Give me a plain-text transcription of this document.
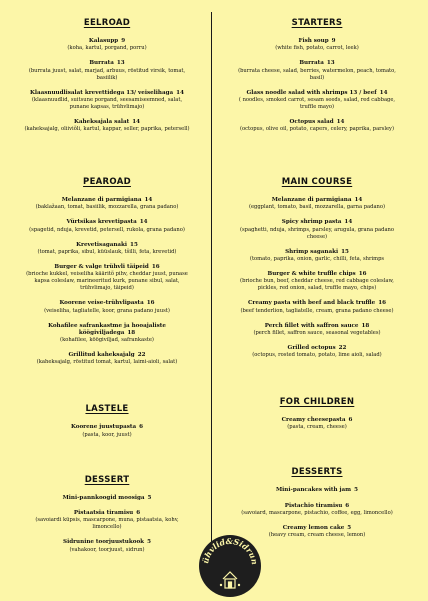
EELROAD
Kalasupp 9
(koha, kartul, porgand, porru)
Burrata 13
(burrata juust, salat, marjad, arbuus, röstitud virsik, tomat, basiilik)
Klaasnuudlisalat krevettidega 13/ veiselihaga 14
(klaasnuudlid, suitsune porgand, seesamiseemned, salat, punane kapsas, trühvlimajo)
Kaheksajala salat 14
(kaheksajalg, oliiviõli, kartul, kappar, seller, paprika, petersell)
PEAROAD
Melanzane di parmigiana 14
(baklažaan, tomat, basiilik, mozzarella, grana padano)
Vürtsikas krevetipasta 14
(spagetid, nduja, krevetid, petersell, rukola, grana padano)
Krevetisaganaki 15
(tomat, paprika, sibul, küüslauk, tšilli, feta, krevetid)
Burger & valge trühvli täipeid 16
(brioche kukkel, veiseliha kääritõ pihv, cheddar juust, punase kapsa coleslaw, marineeritud kurk, punane sibul, salat, trühvlimajo, täipeid)
Koorene veise-trühvlipasta 16
(veiseliha, tagliatelle, koor, grana padano juust)
Kohafilee safrankastme ja hooajaliste köögiviljadega 18
(kohafilee, köögiviljad, safrankaste)
Grillitud kaheksajalg 22
(kaheksajalg, röstitud tomat, kartul, laimi-aioli, salat)
LASTELE
Koorene juustupasta 6
(pasta, koor, juust)
DESSERT
Mini-pannkoogid moosiga 5
Pistaatsia tiramisu 6
(savoiardi küpsis, mascarpone, muna, pistaatsia, kohv, limoncello)
Sidrunine toorjuustukook 5
(vahakoor, toorjuust, sidrun)
STARTERS
Fish soup 9
(white fish, potato, carrot, leek)
Burrata 13
(burrata cheese, salad, berries, watermelon, peach, tomato, basil)
Glass noodle salad with shrimps 13 / beef 14
( noodles, smoked carrot, sesam seeds, salad, red cabbage, truffle mayo)
Octopus salad 14
(octopus, olive oil, potato, capers, celery, paprika, parsley)
MAIN COURSE
Melanzane di parmigiana 14
(eggplant, tomato, basil, mozzarella, garna padano)
Spicy shrimp pasta 14
(spaghetti, nduja, shrimps, parsley, arugula, grana padano cheese)
Shrimp saganaki 15
(tomato, paprika, onion, garlic, chilli, feta, shrimps
Burger & white truffle chips 16
(brioche bun, beef, cheddar cheese, red cabbage coleslaw, pickles, red onion, salad, truffle mayo, chips)
Creamy pasta with beef and black truffle 16
(beef tenderlion, tagliatelle, cream, grana padano cheese)
Perch fillet with saffron sauce 18
(perch fillet, saffron sauce, seasonal vegetables)
Grilled octopus 22
(octopus, rosted tomato, potato, lime aioli, salad)
FOR CHILDREN
Creamy cheesepasta 6
(pasta, cream, cheese)
DESSERTS
Mini-pancakes with jam 5
Pistachio tiramisu 6
(savoiard, mascarpone, pistachio, coffee, egg, limoncello)
Creamy lemon cake 5
(heavy cream, cream cheese, lemon)
ühvlid&Sidrun
